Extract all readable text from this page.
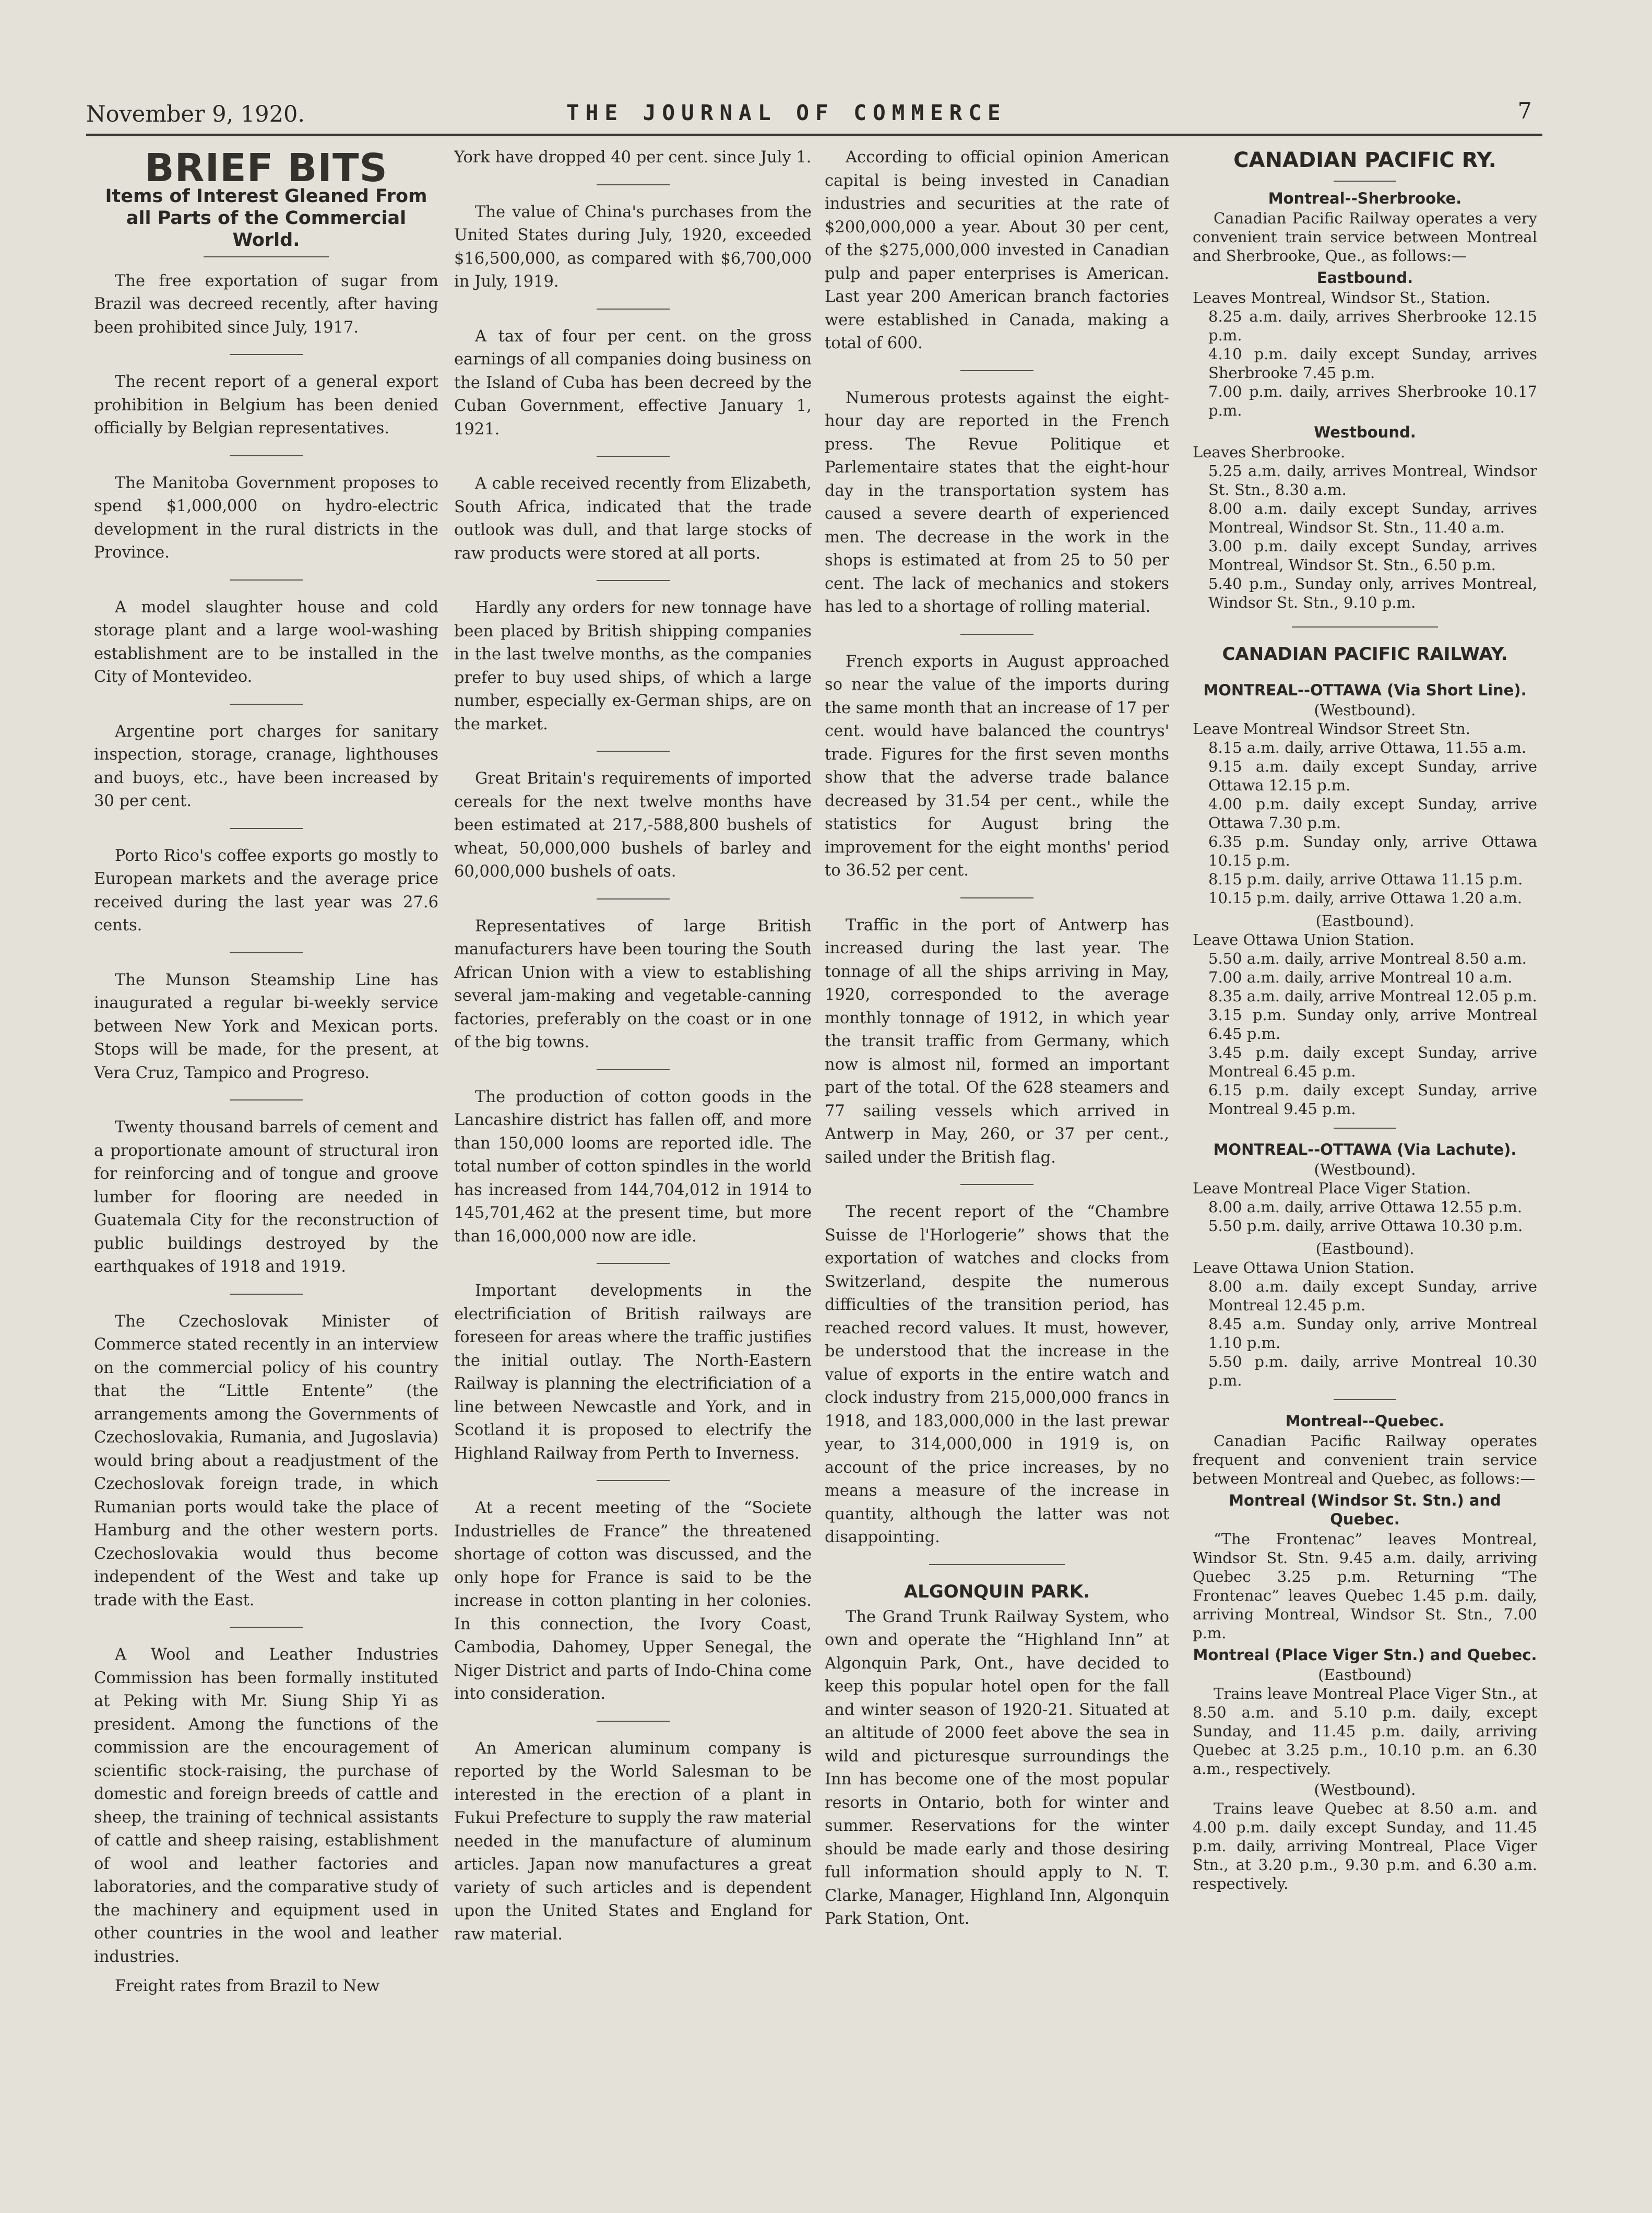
November 9, 1920.	THE JOURNAL OF COMMERCE	7
BRIEF BITS
Items of Interest Gleaned From all Parts of the Commercial World.

The free exportation of sugar from Brazil was decreed recently, after having been prohibited since July, 1917.

The recent report of a general export prohibition in Belgium has been denied officially by Belgian representatives.

The Manitoba Government proposes to spend $1,000,000 on hydro-electric development in the rural districts in the Province.

A model slaughter house and cold storage plant and a large wool-washing establishment are to be installed in the City of Montevideo.

Argentine port charges for sanitary inspection, storage, cranage, lighthouses and buoys, etc., have been increased by 30 per cent.

Porto Rico's coffee exports go mostly to European markets and the average price received during the last year was 27.6 cents.

The Munson Steamship Line has inaugurated a regular bi-weekly service between New York and Mexican ports. Stops will be made, for the present, at Vera Cruz, Tampico and Progreso.

Twenty thousand barrels of cement and a proportionate amount of structural iron for reinforcing and of tongue and groove lumber for flooring are needed in Guatemala City for the reconstruction of public buildings destroyed by the earthquakes of 1918 and 1919.

The Czechoslovak Minister of Commerce stated recently in an interview on the commercial policy of his country that the “Little Entente” (the arrangements among the Governments of Czechoslovakia, Rumania, and Jugoslavia) would bring about a readjustment of the Czechoslovak foreign trade, in which Rumanian ports would take the place of Hamburg and the other western ports. Czechoslovakia would thus become independent of the West and take up trade with the East.

A Wool and Leather Industries Commission has been formally instituted at Peking with Mr. Siung Ship Yi as president. Among the functions of the commission are the encouragement of scientific stock-raising, the purchase of domestic and foreign breeds of cattle and sheep, the training of technical assistants of cattle and sheep raising, establishment of wool and leather factories and laboratories, and the comparative study of the machinery and equipment used in other countries in the wool and leather industries.

Freight rates from Brazil to New

York have dropped 40 per cent. since July 1.

The value of China's purchases from the United States during July, 1920, exceeded $16,500,000, as compared with $6,700,000 in July, 1919.

A tax of four per cent. on the gross earnings of all companies doing business on the Island of Cuba has been decreed by the Cuban Government, effective January 1, 1921.

A cable received recently from Elizabeth, South Africa, indicated that the trade outlook was dull, and that large stocks of raw products were stored at all ports.

Hardly any orders for new tonnage have been placed by British shipping companies in the last twelve months, as the companies prefer to buy used ships, of which a large number, especially ex-German ships, are on the market.

Great Britain's requirements of imported cereals for the next twelve months have been estimated at 217,-588,800 bushels of wheat, 50,000,000 bushels of barley and 60,000,000 bushels of oats.

Representatives of large British manufacturers have been touring the South African Union with a view to establishing several jam-making and vegetable-canning factories, preferably on the coast or in one of the big towns.

The production of cotton goods in the Lancashire district has fallen off, and more than 150,000 looms are reported idle. The total number of cotton spindles in the world has increased from 144,704,012 in 1914 to 145,701,462 at the present time, but more than 16,000,000 now are idle.

Important developments in the electrificiation of British railways are foreseen for areas where the traffic justifies the initial outlay. The North-Eastern Railway is planning the electrificiation of a line between Newcastle and York, and in Scotland it is proposed to electrify the Highland Railway from Perth to Inverness.

At a recent meeting of the “Societe Industrielles de France” the threatened shortage of cotton was discussed, and the only hope for France is said to be the increase in cotton planting in her colonies. In this connection, the Ivory Coast, Cambodia, Dahomey, Upper Senegal, the Niger District and parts of Indo-China come into consideration.

An American aluminum company is reported by the World Salesman to be interested in the erection of a plant in Fukui Prefecture to supply the raw material needed in the manufacture of aluminum articles. Japan now manufactures a great variety of such articles and is dependent upon the United States and England for raw material.

According to official opinion American capital is being invested in Canadian industries and securities at the rate of $200,000,000 a year. About 30 per cent, of the $275,000,000 invested in Canadian pulp and paper enterprises is American. Last year 200 American branch factories were established in Canada, making a total of 600.

Numerous protests against the eight-hour day are reported in the French press. The Revue Politique et Parlementaire states that the eight-hour day in the transportation system has caused a severe dearth of experienced men. The decrease in the work in the shops is estimated at from 25 to 50 per cent. The lack of mechanics and stokers has led to a shortage of rolling material.

French exports in August approached so near the value of the imports during the same month that an increase of 17 per cent. would have balanced the countrys' trade. Figures for the first seven months show that the adverse trade balance decreased by 31.54 per cent., while the statistics for August bring the improvement for the eight months' period to 36.52 per cent.

Traffic in the port of Antwerp has increased during the last year. The tonnage of all the ships arriving in May, 1920, corresponded to the average monthly tonnage of 1912, in which year the transit traffic from Germany, which now is almost nil, formed an important part of the total. Of the 628 steamers and 77 sailing vessels which arrived in Antwerp in May, 260, or 37 per cent., sailed under the British flag.

The recent report of the “Chambre Suisse de l'Horlogerie” shows that the exportation of watches and clocks from Switzerland, despite the numerous difficulties of the transition period, has reached record values. It must, however, be understood that the increase in the value of exports in the entire watch and clock industry from 215,000,000 francs in 1918, and 183,000,000 in the last prewar year, to 314,000,000 in 1919 is, on account of the price increases, by no means a measure of the increase in quantity, although the latter was not disappointing.

ALGONQUIN PARK.

The Grand Trunk Railway System, who own and operate the “Highland Inn” at Algonquin Park, Ont., have decided to keep this popular hotel open for the fall and winter season of 1920-21. Situated at an altitude of 2000 feet above the sea in wild and picturesque surroundings the Inn has become one of the most popular resorts in Ontario, both for winter and summer. Reservations for the winter should be made early and those desiring full information should apply to N. T. Clarke, Manager, Highland Inn, Algonquin Park Station, Ont.

CANADIAN PACIFIC RY.
Montreal--Sherbrooke.

Canadian Pacific Railway operates a very convenient train service between Montreal and Sherbrooke, Que., as follows:—

Eastbound.
Leaves Montreal, Windsor St., Station.
8.25 a.m. daily, arrives Sherbrooke 12.15 p.m.
4.10 p.m. daily except Sunday, arrives Sherbrooke 7.45 p.m.
7.00 p.m. daily, arrives Sherbrooke 10.17 p.m.
Westbound.
Leaves Sherbrooke.
5.25 a.m. daily, arrives Montreal, Windsor St. Stn., 8.30 a.m.
8.00 a.m. daily except Sunday, arrives Montreal, Windsor St. Stn., 11.40 a.m.
3.00 p.m. daily except Sunday, arrives Montreal, Windsor St. Stn., 6.50 p.m.
5.40 p.m., Sunday only, arrives Montreal, Windsor St. Stn., 9.10 p.m.
CANADIAN PACIFIC RAILWAY.
MONTREAL--OTTAWA (Via Short Line).
(Westbound).
Leave Montreal Windsor Street Stn.
8.15 a.m. daily, arrive Ottawa, 11.55 a.m.
9.15 a.m. daily except Sunday, arrive Ottawa 12.15 p.m.
4.00 p.m. daily except Sunday, arrive Ottawa 7.30 p.m.
6.35 p.m. Sunday only, arrive Ottawa 10.15 p.m.
8.15 p.m. daily, arrive Ottawa 11.15 p.m.
10.15 p.m. daily, arrive Ottawa 1.20 a.m.
(Eastbound).
Leave Ottawa Union Station.
5.50 a.m. daily, arrive Montreal 8.50 a.m.
7.00 a.m. daily, arrive Montreal 10 a.m.
8.35 a.m. daily, arrive Montreal 12.05 p.m.
3.15 p.m. Sunday only, arrive Montreal 6.45 p.m.
3.45 p.m. daily except Sunday, arrive Montreal 6.45 p.m.
6.15 p.m. daily except Sunday, arrive Montreal 9.45 p.m.
MONTREAL--OTTAWA (Via Lachute).
(Westbound).
Leave Montreal Place Viger Station.
8.00 a.m. daily, arrive Ottawa 12.55 p.m.
5.50 p.m. daily, arrive Ottawa 10.30 p.m.
(Eastbound).
Leave Ottawa Union Station.
8.00 a.m. daily except Sunday, arrive Montreal 12.45 p.m.
8.45 a.m. Sunday only, arrive Montreal 1.10 p.m.
5.50 p.m. daily, arrive Montreal 10.30 p.m.
Montreal--Quebec.

Canadian Pacific Railway operates frequent and convenient train service between Montreal and Quebec, as follows:—

Montreal (Windsor St. Stn.) and Quebec.

“The Frontenac” leaves Montreal, Windsor St. Stn. 9.45 a.m. daily, arriving Quebec 3.25 p.m. Returning “The Frontenac” leaves Quebec 1.45 p.m. daily, arriving Montreal, Windsor St. Stn., 7.00 p.m.

Montreal (Place Viger Stn.) and Quebec.
(Eastbound)

Trains leave Montreal Place Viger Stn., at 8.50 a.m. and 5.10 p.m. daily, except Sunday, and 11.45 p.m. daily, arriving Quebec at 3.25 p.m., 10.10 p.m. an 6.30 a.m., respectively.

(Westbound).

Trains leave Quebec at 8.50 a.m. and 4.00 p.m. daily except Sunday, and 11.45 p.m. daily, arriving Montreal, Place Viger Stn., at 3.20 p.m., 9.30 p.m. and 6.30 a.m. respectively.
